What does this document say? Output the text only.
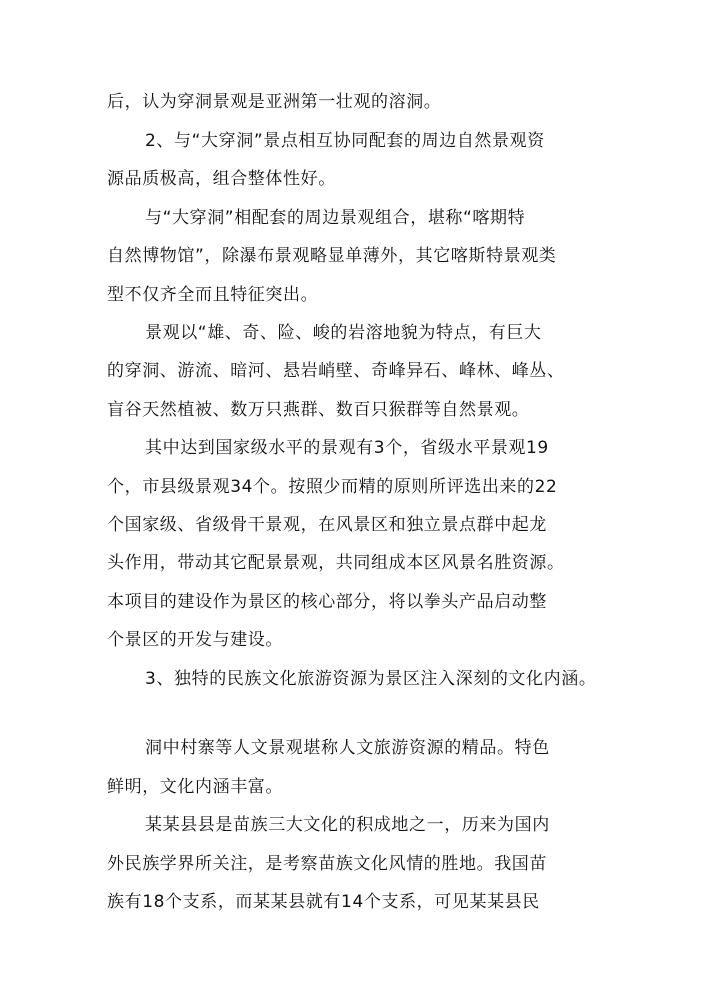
后，认为穿洞景观是亚洲第一壮观的溶洞。

2、与“大穿洞”景点相互协同配套的周边自然景观资

源品质极高，组合整体性好。

与“大穿洞”相配套的周边景观组合，堪称“喀期特

自然博物馆”，除瀑布景观略显单薄外，其它喀斯特景观类

型不仅齐全而且特征突出。

景观以“雄、奇、险、峻的岩溶地貌为特点，有巨大

的穿洞、游流、暗河、悬岩峭壁、奇峰异石、峰林、峰丛、

盲谷天然植被、数万只燕群、数百只猴群等自然景观。

其中达到国家级水平的景观有3个，省级水平景观19

个，市县级景观34个。按照少而精的原则所评选出来的22

个国家级、省级骨干景观，在风景区和独立景点群中起龙

头作用，带动其它配景景观，共同组成本区风景名胜资源。

本项目的建设作为景区的核心部分，将以拳头产品启动整

个景区的开发与建设。

3、独特的民族文化旅游资源为景区注入深刻的文化内涵。

洞中村寨等人文景观堪称人文旅游资源的精品。特色

鲜明，文化内涵丰富。

某某县县是苗族三大文化的积成地之一，历来为国内

外民族学界所关注，是考察苗族文化风情的胜地。我国苗

族有18个支系，而某某县就有14个支系，可见某某县民
